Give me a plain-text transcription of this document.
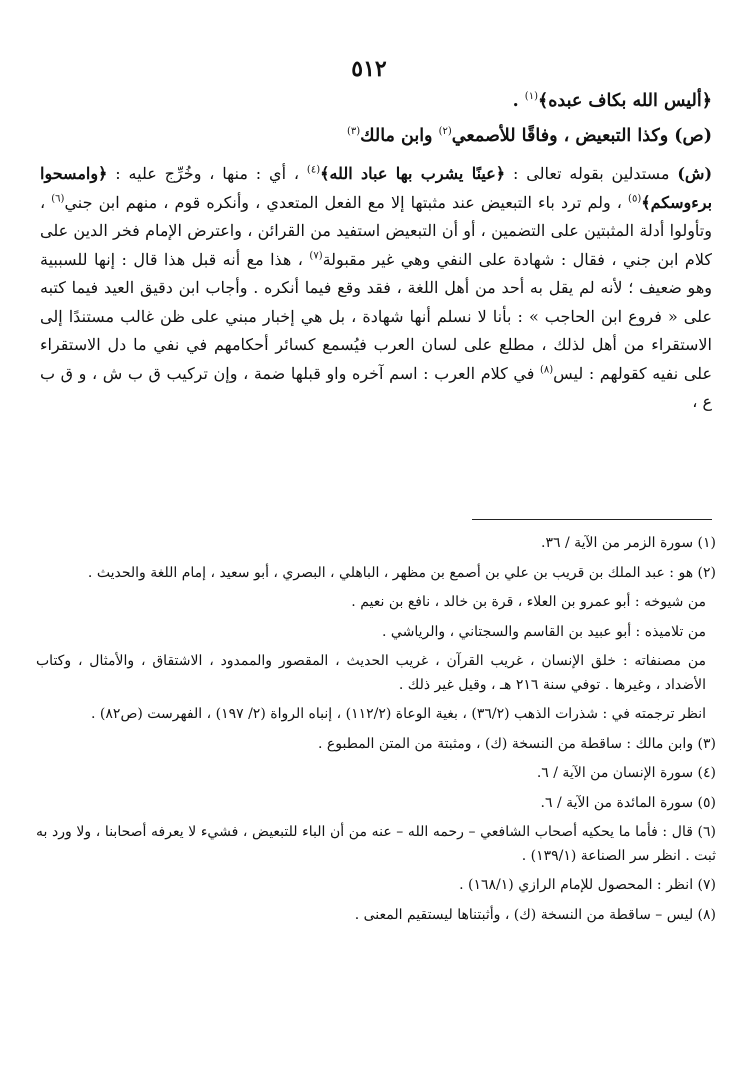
٥١٢
﴿أليس الله بكاف عبده﴾$^{(١)}$ .
(ص) وكذا التبعيض ، وفاقًا للأصمعي$^{(٢)}$ وابن مالك$^{(٣)}$
(ش) مستدلين بقوله تعالى : ﴿عينًا يشرب بها عباد الله﴾$^{(٤)}$ ، أي : منها ، وخُرِّج عليه : ﴿وامسحوا برءوسكم﴾$^{(٥)}$ ، ولم ترد باء التبعيض عند مثبتها إلا مع الفعل المتعدي ، وأنكره قوم ، منهم ابن جني$^{(٦)}$ ، وتأولوا أدلة المثبتين على التضمين ، أو أن التبعيض استفيد من القرائن ، واعترض الإمام فخر الدين على كلام ابن جني ، فقال : شهادة على النفي وهي غير مقبولة$^{(٧)}$ ، هذا مع أنه قبل هذا قال : إنها للسببية وهو ضعيف ؛ لأنه لم يقل به أحد من أهل اللغة ، فقد وقع فيما أنكره . وأجاب ابن دقيق العيد فيما كتبه على « فروع ابن الحاجب » : بأنا لا نسلم أنها شهادة ، بل هي إخبار مبني على ظن غالب مستندًا إلى الاستقراء من أهل لذلك ، مطلع على لسان العرب فيُسمع كسائر أحكامهم في نفي ما دل الاستقراء على نفيه كقولهم : ليس$^{(٨)}$ في كلام العرب : اسم آخره واو قبلها ضمة ، وإن تركيب ق ب ش ، و ق ب ع ،

(١) سورة الزمر من الآية / ٣٦.

(٢) هو : عبد الملك بن قريب بن علي بن أصمع بن مظهر ، الباهلي ، البصري ، أبو سعيد ، إمام اللغة والحديث .

من شيوخه : أبو عمرو بن العلاء ، قرة بن خالد ، نافع بن نعيم .

من تلاميذه : أبو عبيد بن القاسم والسجتاني ، والرياشي .

من مصنفاته : خلق الإنسان ، غريب القرآن ، غريب الحديث ، المقصور والممدود ، الاشتقاق ، والأمثال ، وكتاب الأضداد ، وغيرها . توفي سنة ٢١٦ هـ ، وقيل غير ذلك .

انظر ترجمته في : شذرات الذهب (٣٦/٢) ، بغية الوعاة (١١٢/٢) ، إنباه الرواة (٢/ ١٩٧) ، الفهرست (ص٨٢) .

(٣) وابن مالك : ساقطة من النسخة (ك) ، ومثبتة من المتن المطبوع .

(٤) سورة الإنسان من الآية / ٦.

(٥) سورة المائدة من الآية / ٦.

(٦) قال : فأما ما يحكيه أصحاب الشافعي – رحمه الله – عنه من أن الباء للتبعيض ، فشيء لا يعرفه أصحابنا ، ولا ورد به ثبت . انظر سر الصناعة (١٣٩/١) .

(٧) انظر : المحصول للإمام الرازي (١٦٨/١) .

(٨) ليس – ساقطة من النسخة (ك) ، وأثبتناها ليستقيم المعنى .
